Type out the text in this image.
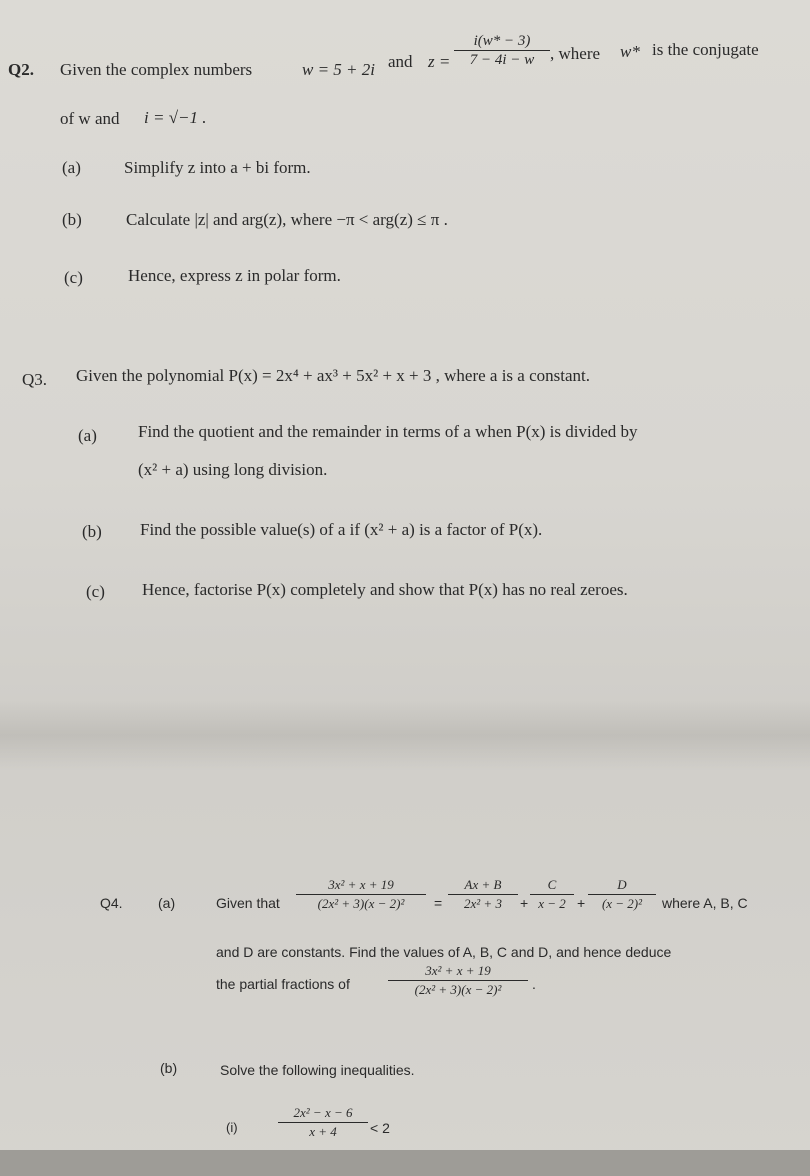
Q2. Given the complex numbers	w = 5 + 2i and $z = \frac{i(w* - 3)}{7 - 4i - w}$ , where w* is the conjugate
of w and i = √−1 .
(a)	Simplify z into a + bi form.
(b)	Calculate |z| and arg(z), where −π < arg(z) ≤ π .
(c)	Hence, express z in polar form.
Q3. Given the polynomial P(x) = 2x⁴ + ax³ + 5x² + x + 3 , where a is a constant.
(a) Find the quotient and the remainder in terms of a when P(x) is divided by
(x² + a) using long division.
(b) Find the possible value(s) of a if (x² + a) is a factor of P(x).
(c) Hence, factorise P(x) completely and show that P(x) has no real zeroes.
Q4.	(a)	Given that $\frac{\text{3x² + x + 19}}{\text{(2x² + 3)(x − 2)²}} = \frac{Ax + B}{\text{2x² + 3}} + \frac{C}{x - 2} + \frac{D}{\text{(x − 2)²}}$ where A, B, C
and D are constants. Find the values of A, B, C and D, and hence deduce
the partial fractions of	$\frac{\text{3x² + x + 19}}{\text{(2x² + 3)(x − 2)²}}$ .
(b)	Solve the following inequalities.
(i)	$\frac{\text{2x² − x − 6}}{x + 4} < 2$
